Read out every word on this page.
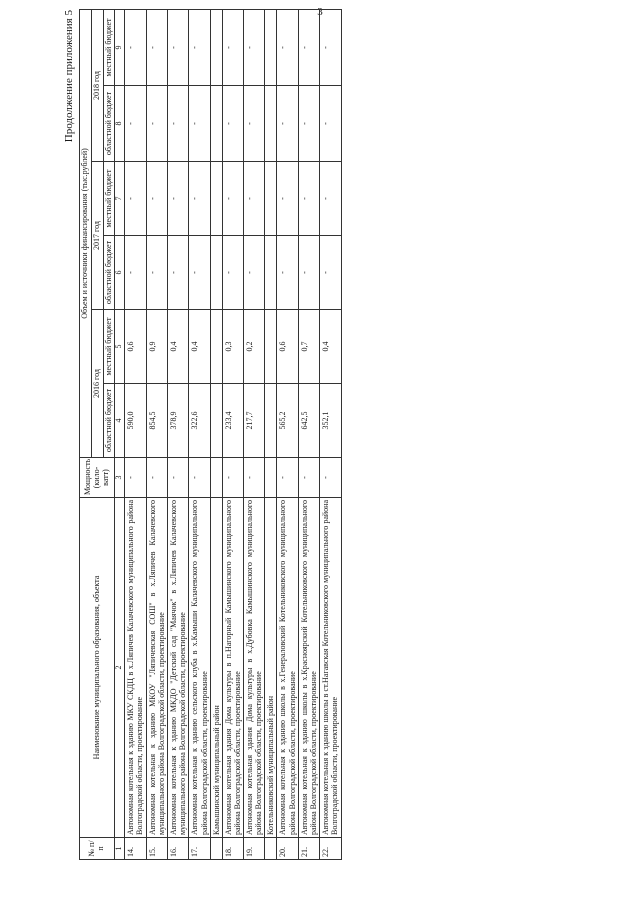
3
Продолжение приложения 5
№ п/п	Наименование муниципального образования, объекта	Мощность (кило-ватт)	Объем и источники финансирования (тыс.рублей)					
			2016 год		2017 год		2018 год	
			областной бюджет	местный бюджет	областной бюджет	местный бюджет	областной бюджет	местный бюджет
1	2	3	4	5	6	7	8	9
14.	Автономная котельная к зданию МКУ СКДЦ в х.Ляпичев Калачевского муниципального района Волгоградской области, проектирование	-	590,0	0,6	-	-	-	-
15.	Автономная котельная к зданию МКОУ "Ляпичевская СОШ" в х.Ляпичев Калачевского муниципального района Волгоградской области, проектирование	-	854,5	0,9	-	-	-	-
16.	Автономная котельная к зданию МКДО "Детский сад "Маячок" в х.Ляпичев Калачевского муниципального района Волгоградской области, проектирование	-	378,9	0,4	-	-	-	-
17.	Автономная котельная к зданию сельского клуба в х.Камыши Калачевского муниципального района Волгоградской области, проектирование	-	322,6	0,4	-	-	-	-
	Камышинский муниципальный район							
18.	Автономная котельная здания Дома культуры в п.Нагорный Камышинского муниципального района Волгоградской области, проектирование	-	233,4	0,3	-	-	-	-
19.	Автономная котельная здания Дома культуры в х.Дубовка Камышинского муниципального района Волгоградской области, проектирование	-	217,7	0,2	-	-	-	-
	Котельниковский муниципальный район							
20.	Автономная котельная к зданию школы в х.Генераловский Котельниковского муниципального района Волгоградской области, проектирование	-	565,2	0,6	-	-	-	-
21.	Автономная котельная к зданию школы в х.Красноярский Котельниковского муниципального района Волгоградской области, проектирование	-	642,5	0,7	-	-	-	-
22.	Автономная котельная к зданию школы в ст.Нагавская Котельниковского муниципального района Волгоградской области, проектирование	-	352,1	0,4	-	-	-	-
